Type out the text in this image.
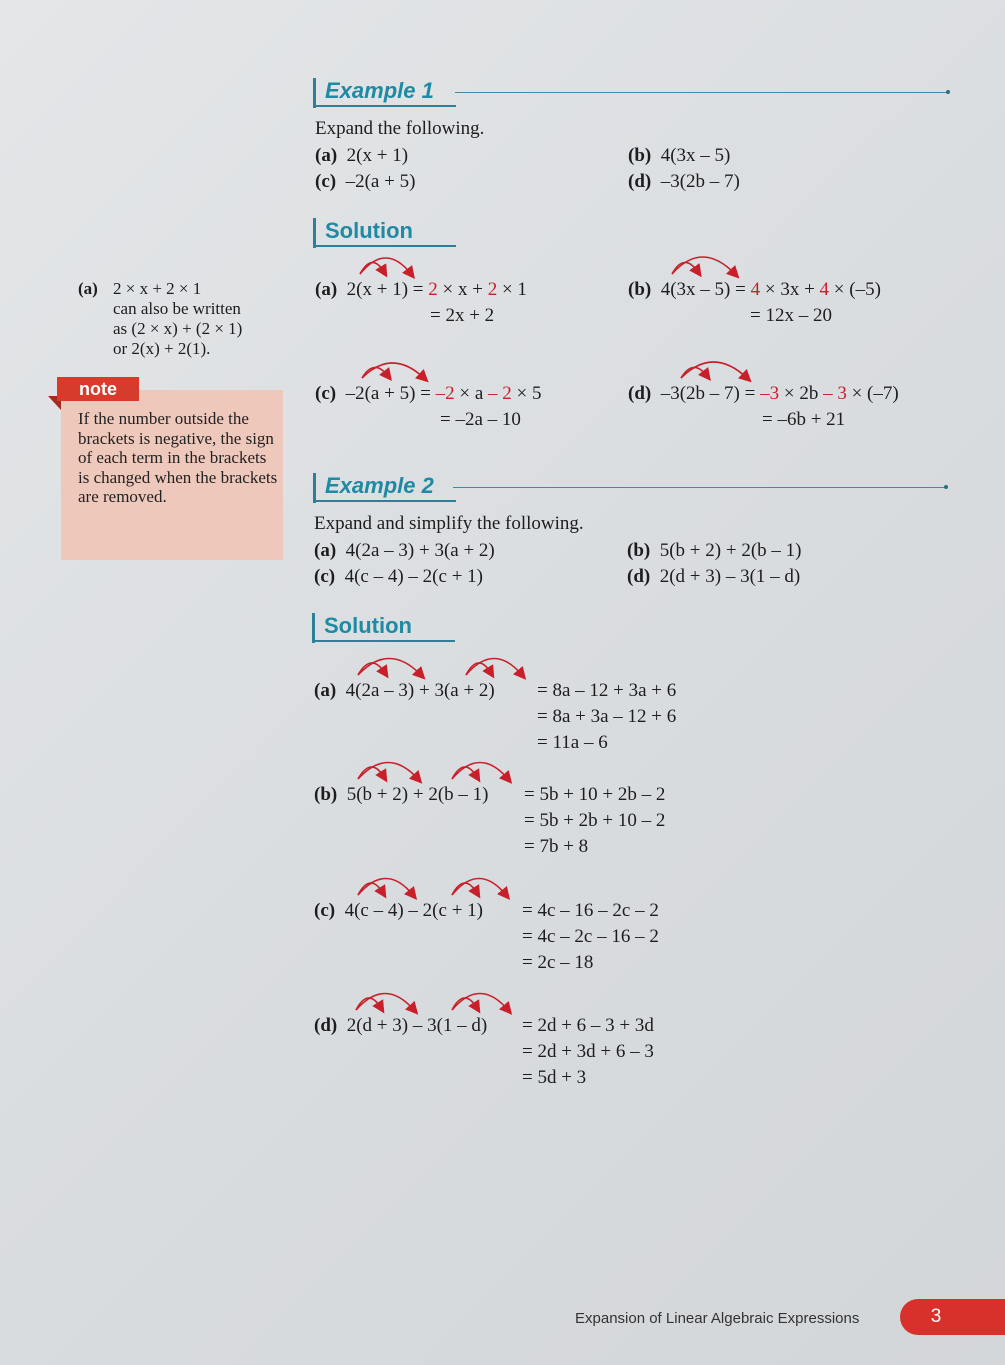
Example 1
Expand the following.
(a) 2(x + 1)	(b) 4(3x – 5)
(c) –2(a + 5)	(d) –3(2b – 7)
Solution
(a) 2(x + 1) = 2 × x + 2 × 1
= 2x + 2
(b) 4(3x – 5) = 4 × 3x + 4 × (–5)
= 12x – 20
(c) –2(a + 5) = –2 × a – 2 × 5
= –2a – 10
(d) –3(2b – 7) = –3 × 2b – 3 × (–7)
= –6b + 21
Example 2
Expand and simplify the following.
(a) 4(2a – 3) + 3(a + 2)	(b) 5(b + 2) + 2(b – 1)
(c) 4(c – 4) – 2(c + 1)	(d) 2(d + 3) – 3(1 – d)
Solution
(a) 4(2a – 3) + 3(a + 2) = 8a – 12 + 3a + 6
= 8a + 3a – 12 + 6
= 11a – 6
(b) 5(b + 2) + 2(b – 1) = 5b + 10 + 2b – 2
= 5b + 2b + 10 – 2
= 7b + 8
(c) 4(c – 4) – 2(c + 1) = 4c – 16 – 2c – 2
= 4c – 2c – 16 – 2
= 2c – 18
(d) 2(d + 3) – 3(1 – d) = 2d + 6 – 3 + 3d
= 2d + 3d + 6 – 3
= 5d + 3
(a) 2 × x + 2 × 1
can also be written
as (2 × x) + (2 × 1)
or 2(x) + 2(1).
note
If the number outside the brackets is negative, the sign of each term in the brackets is changed when the brackets are removed.
Expansion of Linear Algebraic Expressions	3
